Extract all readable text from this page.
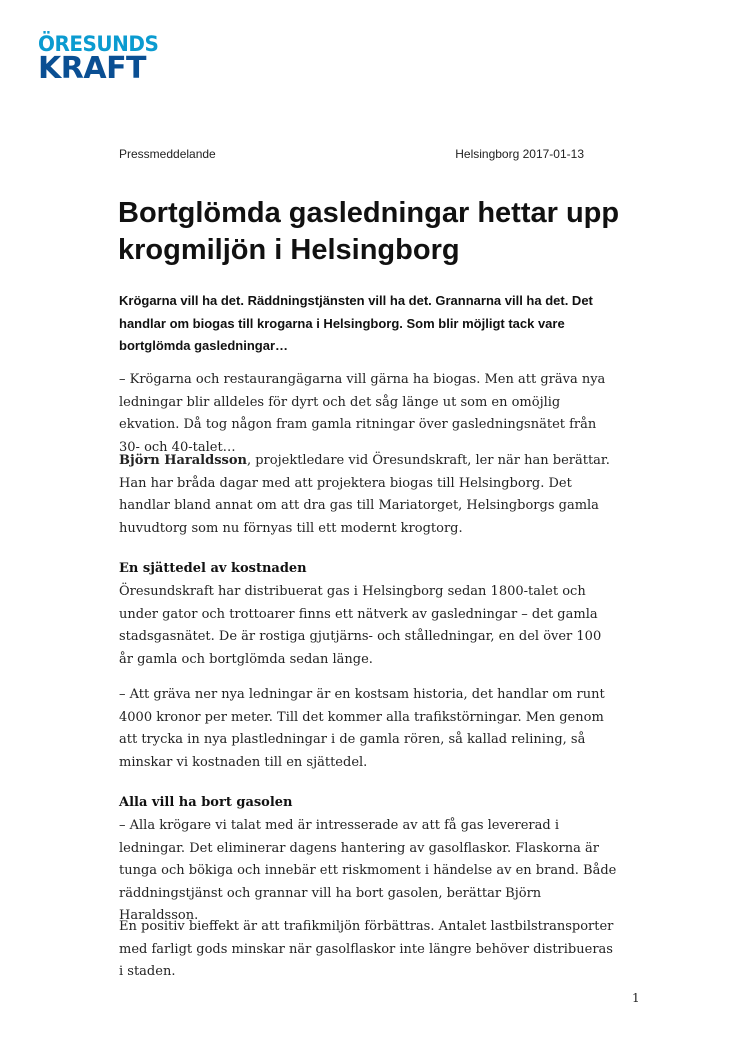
ÖRESUNDS
KRAFT
Pressmeddelande	Helsingborg 2017-01-13
Bortglömda gasledningar hettar upp krogmiljön i Helsingborg

Krögarna vill ha det. Räddningstjänsten vill ha det. Grannarna vill ha det. Det handlar om biogas till krogarna i Helsingborg. Som blir möjligt tack vare bortglömda gasledningar…

– Krögarna och restaurangägarna vill gärna ha biogas. Men att gräva nya ledningar blir alldeles för dyrt och det såg länge ut som en omöjlig ekvation. Då tog någon fram gamla ritningar över gasledningsnätet från 30- och 40-talet…

Björn Haraldsson, projektledare vid Öresundskraft, ler när han berättar. Han har bråda dagar med att projektera biogas till Helsingborg. Det handlar bland annat om att dra gas till Mariatorget, Helsingborgs gamla huvudtorg som nu förnyas till ett modernt krogtorg.

En sjättedel av kostnaden

Öresundskraft har distribuerat gas i Helsingborg sedan 1800-talet och under gator och trottoarer finns ett nätverk av gasledningar – det gamla stadsgasnätet. De är rostiga gjutjärns- och stålledningar, en del över 100 år gamla och bortglömda sedan länge.

– Att gräva ner nya ledningar är en kostsam historia, det handlar om runt 4000 kronor per meter. Till det kommer alla trafikstörningar. Men genom att trycka in nya plastledningar i de gamla rören, så kallad relining, så minskar vi kostnaden till en sjättedel.

Alla vill ha bort gasolen

– Alla krögare vi talat med är intresserade av att få gas levererad i ledningar. Det eliminerar dagens hantering av gasolflaskor. Flaskorna är tunga och bökiga och innebär ett riskmoment i händelse av en brand. Både räddningstjänst och grannar vill ha bort gasolen, berättar Björn Haraldsson.

En positiv bieffekt är att trafikmiljön förbättras. Antalet lastbilstransporter med farligt gods minskar när gasolflaskor inte längre behöver distribueras i staden.

1
